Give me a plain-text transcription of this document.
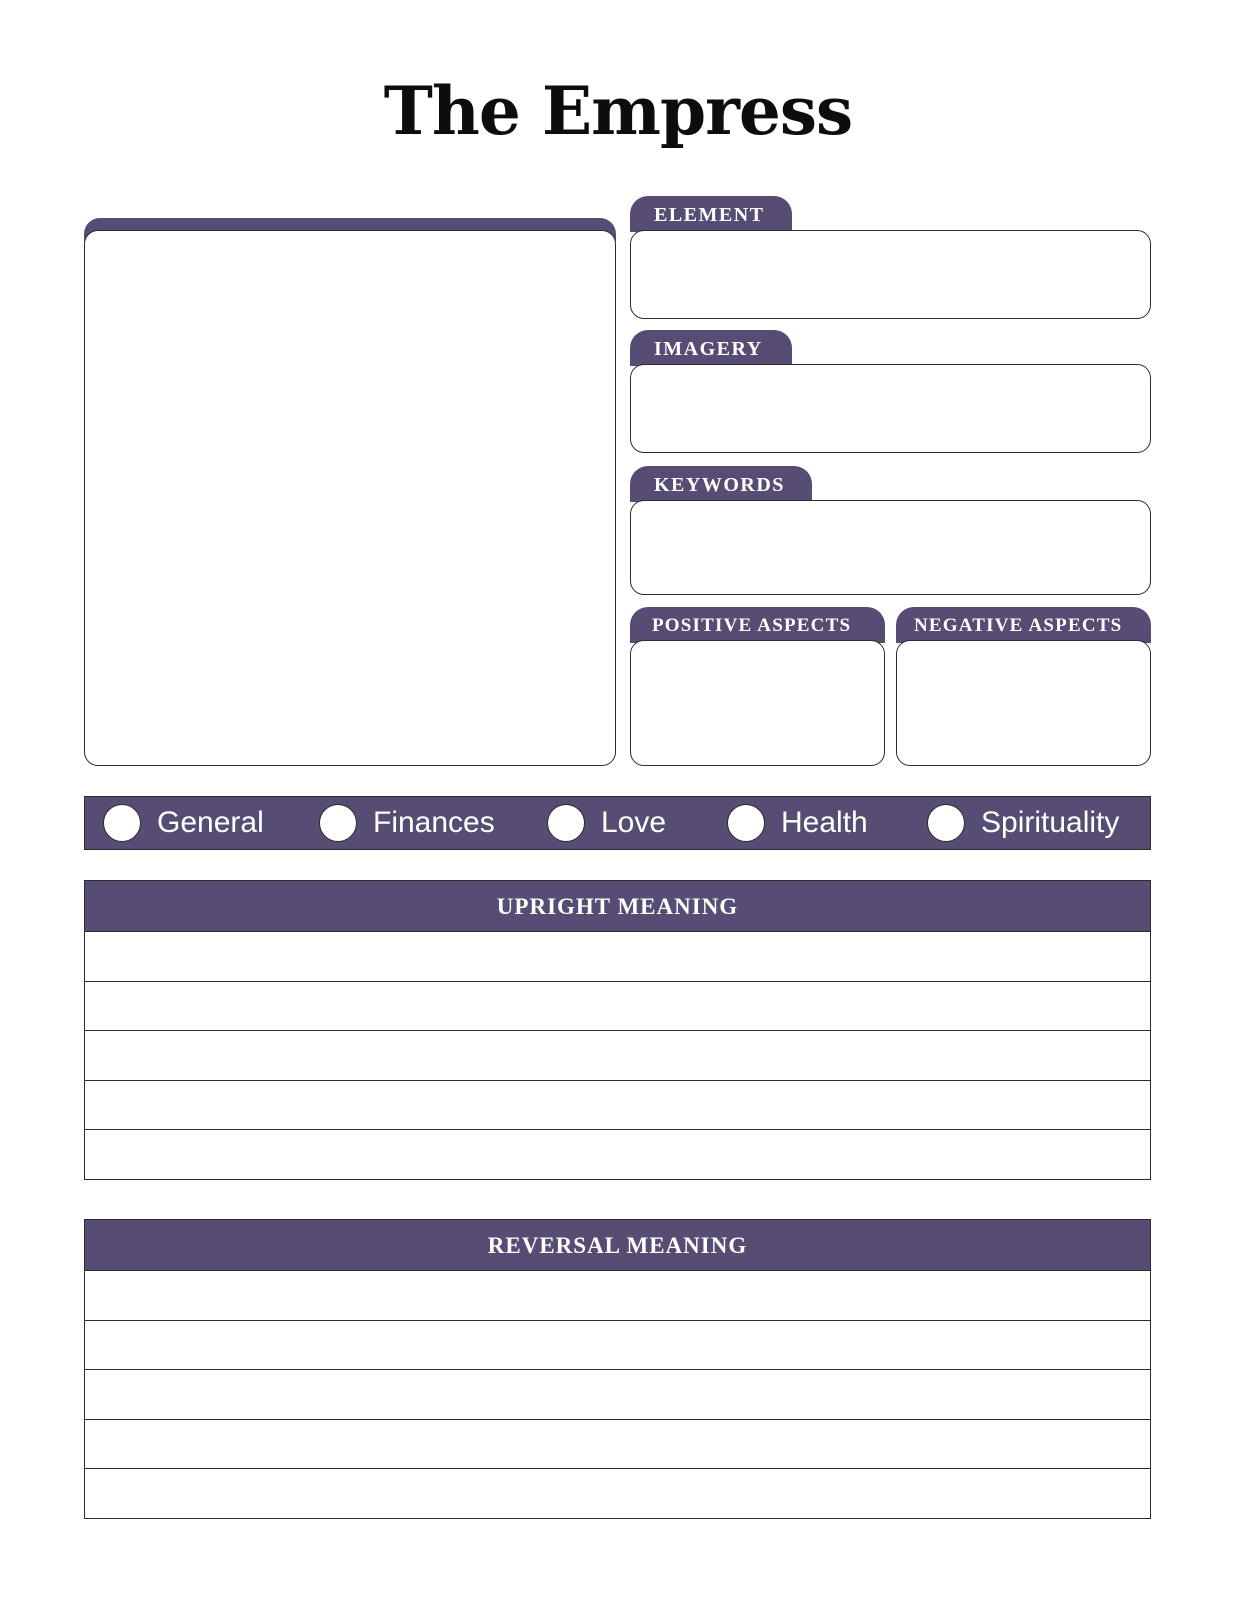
The Empress
ELEMENT
IMAGERY
KEYWORDS
POSITIVE ASPECTS	NEGATIVE ASPECTS
General	Finances	Love	Health	Spirituality
UPRIGHT MEANING
REVERSAL MEANING
